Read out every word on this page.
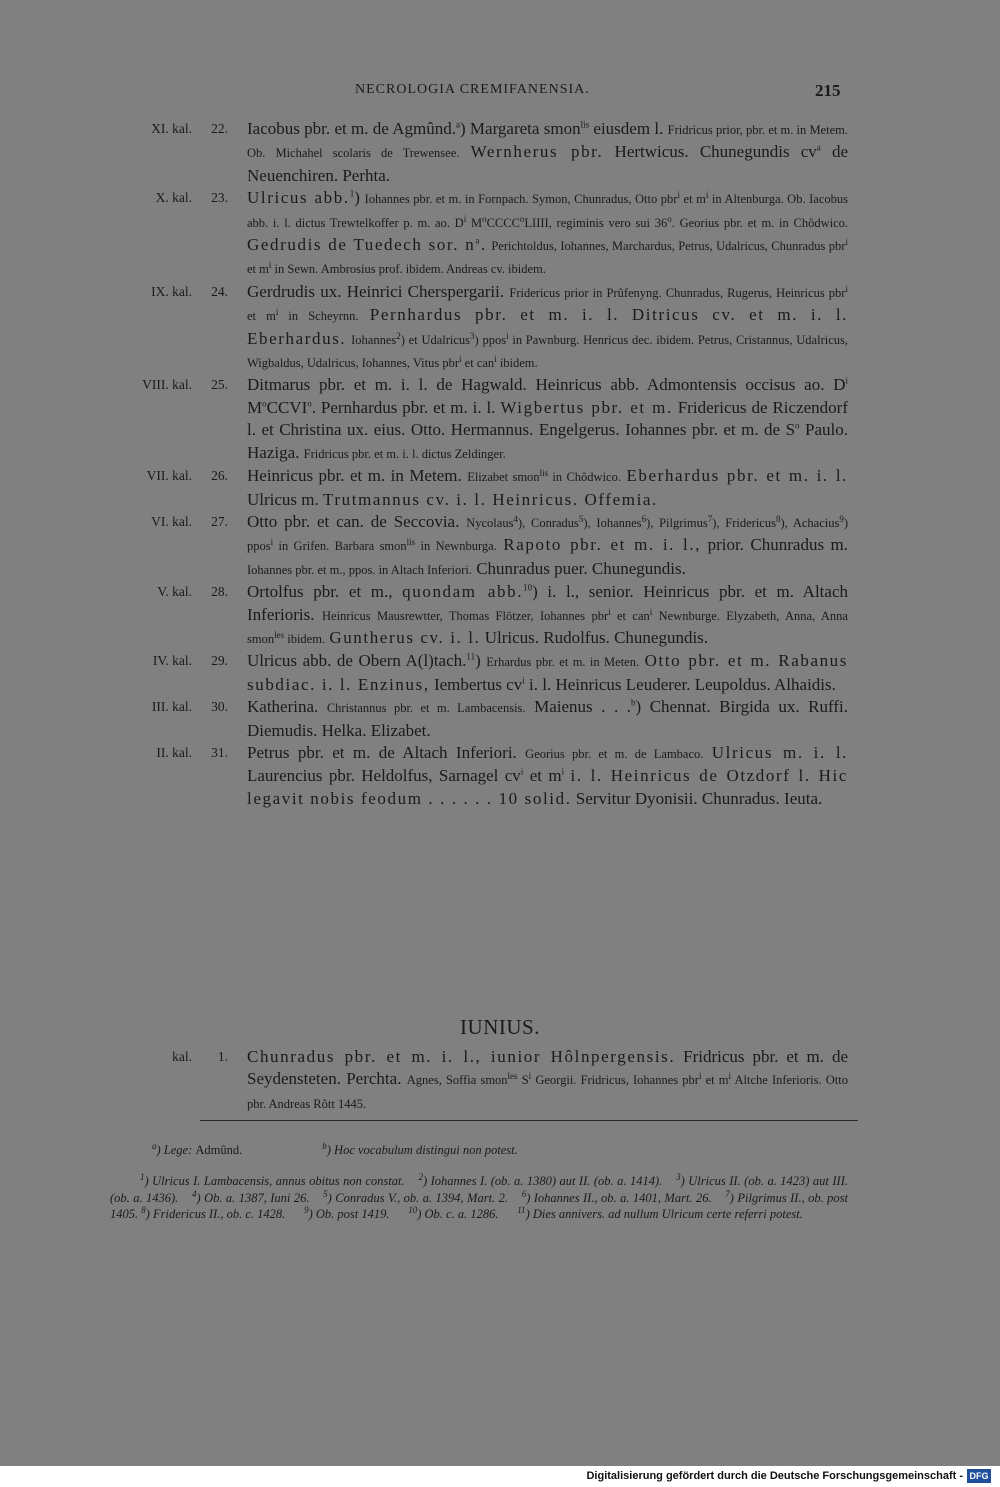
NECROLOGIA CREMIFANENSIA.	215
XI. kal.	22. Iacobus pbr. et m. de Agmûnd.$^a$) Margareta smon$^{lis}$ eiusdem l. Fridricus prior, pbr. et m. in Metem. Ob. Michahel scolaris de Trewensee. Wernherus pbr. Hertwicus. Chunegundis $cv^a$ de Neuenchiren. Perhta.
X. kal.	23. Ulricus abb.$^1$) Iohannes pbr. et m. in Fornpach. Symon, Chunradus, Otto pbr$^i$ et $m^i$ in Altenburga. Ob. Iacobus abb. i. l. dictus Trewtelkoffer p. m. ao. $D^i$ $M^oCCCC^oLIIII$, regiminis vero sui 36$^o$. Georius pbr. et m. in Chôdwico. Gedrudis de Tuedech sor. $n^a$. Perichtoldus, Iohannes, Marchardus, Petrus, Udalricus, Chunradus pbr$^i$ et $m^i$ in Sewn. Ambrosius prof. ibidem. Andreas cv. ibidem.
IX. kal.	24. Gerdrudis ux. Heinrici Cherspergarii. Fridericus prior in Prûfenyng. Chunradus, Rugerus, Heinricus pbr$^i$ et $m^i$ in Scheyrnn. Pernhardus pbr. et m. i. l. Ditricus cv. et m. i. l. Eberhardus. Iohannes$^2$) et Udalricus$^3$) ppos$^i$ in Pawnburg. Henricus dec. ibidem. Petrus, Cristannus, Udalricus, Wigbaldus, Udalricus, Iohannes, Vitus pbr$^i$ et can$^i$ ibidem.
VIII. kal.	25. Ditmarus pbr. et m. i. l. de Hagwald. Heinricus abb. Admontensis occisus ao. $D^i$ $M^oCCVI^o$. Pernhardus pbr. et m. i. l. Wigbertus pbr. et m. Fridericus de Riczendorf l. et Christina ux. eius. Otto. Hermannus. Engelgerus. Iohannes pbr. et m. de $S^o$ Paulo. Haziga. Fridricus pbr. et m. i. l. dictus Zeldinger.
VII. kal.	26. Heinricus pbr. et m. in Metem. Elizabet smon$^{lis}$ in Chôdwico. Eberhardus pbr. et m. i. l. Ulricus m. Trutmannus cv. i. l. Heinricus. Offemia.
VI. kal.	27. Otto pbr. et can. de Seccovia. Nycolaus$^4$), Conradus$^5$), Iohannes$^6$), Pilgrimus$^7$), Fridericus$^8$), Achacius$^9$) ppos$^i$ in Grifen. Barbara smon$^{lis}$ in Newnburga. Rapoto pbr. et m. i. l., prior. Chunradus m. Iohannes pbr. et m., ppos. in Altach Inferiori. Chunradus puer. Chunegundis.
V. kal.	28. Ortolfus pbr. et m., quondam abb.$^{10}$) i. l., senior. Heinricus pbr. et m. Altach Inferioris. Heinricus Mausrewtter, Thomas Flötzer, Iohannes pbr$^i$ et can$^i$ Newnburge. Elyzabeth, Anna, Anna smon$^{les}$ ibidem. Guntherus cv. i. l. Ulricus. Rudolfus. Chunegundis.
IV. kal.	29. Ulricus abb. de Obern A(l)tach.$^{11}$) Erhardus pbr. et m. in Meten. Otto pbr. et m. Rabanus subdiac. i. l. Enzinus, Iembertus $cv^i$ i. l. Heinricus Leuderer. Leupoldus. Alhaidis.
III. kal.	30. Katherina. Christannus pbr. et m. Lambacensis. Maienus . . .$^b$) Chennat. Birgida ux. Ruffi. Diemudis. Helka. Elizabet.
II. kal.	31. Petrus pbr. et m. de Altach Inferiori. Georius pbr. et m. de Lambaco. Ulricus m. i. l. Laurencius pbr. Heldolfus, Sarnagel $cv^i$ et $m^i$ i. l. Heinricus de Otzdorf l. Hic legavit nobis feodum . . . . . . 10 solid. Servitur Dyonisii. Chunradus. Ieuta.
IUNIUS.
kal.	1. Chunradus pbr. et m. i. l., iunior Hôlnpergensis. Fridricus pbr. et m. de Seydensteten. Perchta. Agnes, Soffia smon$^{les}$ $S^i$ Georgii. Fridricus, Iohannes pbr$^i$ et $m^i$ Altche Inferioris. Otto pbr. Andreas Rôtt 1445.
$^a$) Lege: Admûnd.	$^b$) Hoc vocabulum distingui non potest.
$^1$) Ulricus I. Lambacensis, annus obitus non constat.    $^2$) Iohannes I. (ob. a. 1380) aut II. (ob. a. 1414).    $^3$) Ulricus II. (ob. a. 1423) aut III. (ob. a. 1436).    $^4$) Ob. a. 1387, Iuni 26.    $^5$) Conradus V., ob. a. 1394, Mart. 2.    $^6$) Iohannes II., ob. a. 1401, Mart. 26.    $^7$) Pilgrimus II., ob. post 1405. $^8$) Fridericus II., ob. c. 1428.      $^9$) Ob. post 1419.      $^{10}$) Ob. c. a. 1286.      $^{11}$) Dies annivers. ad nullum Ulricum certe referri potest.
Digitalisierung gefördert durch die Deutsche Forschungsgemeinschaft - DFG
